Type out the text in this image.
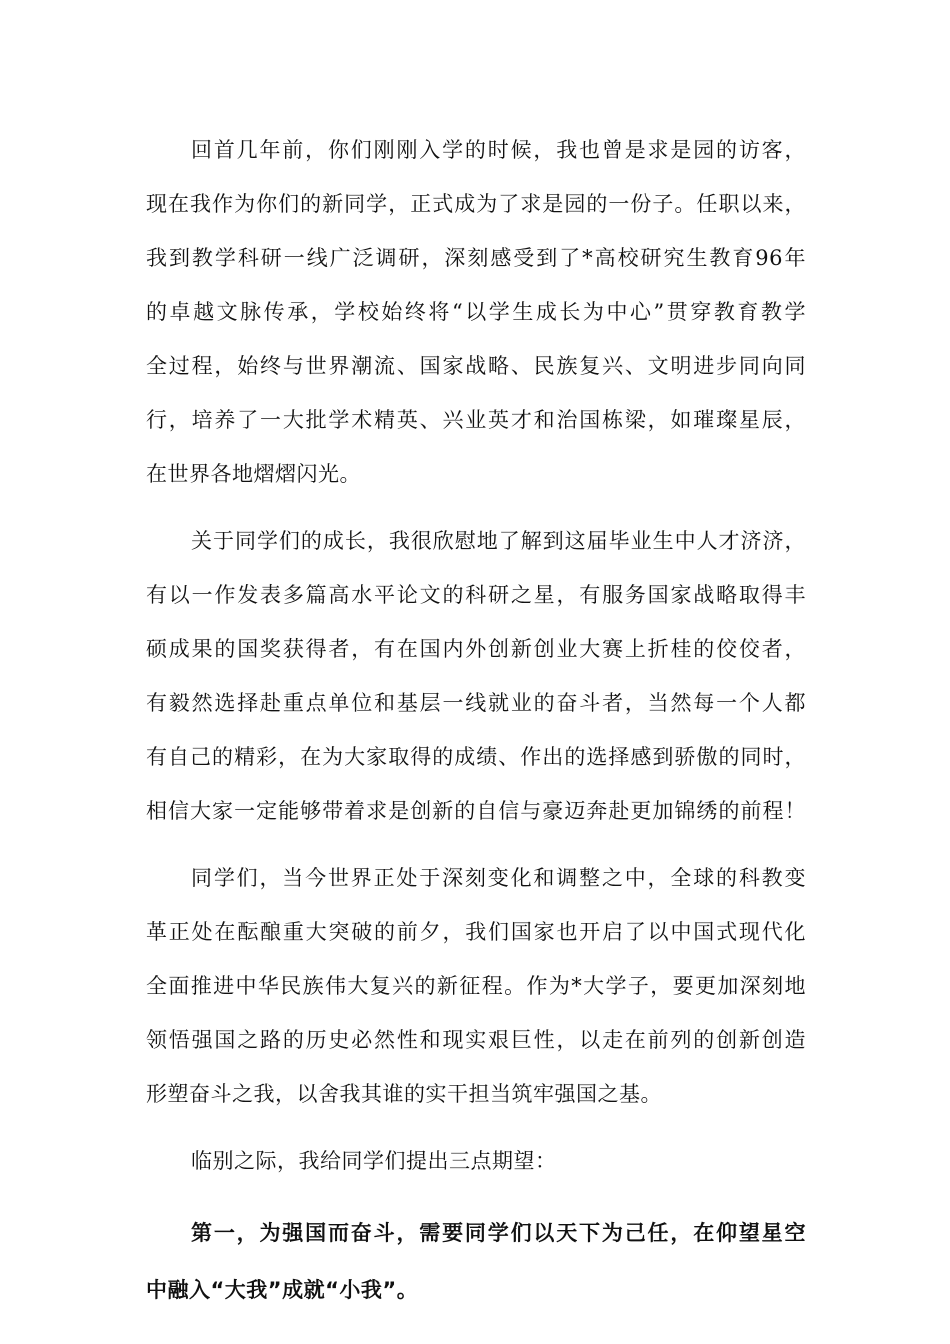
回首几年前，你们刚刚入学的时候，我也曾是求是园的访客，
现在我作为你们的新同学，正式成为了求是园的一份子。任职以来，
我到教学科研一线广泛调研，深刻感受到了*高校研究生教育96年
的卓越文脉传承，学校始终将“以学生成长为中心”贯穿教育教学
全过程，始终与世界潮流、国家战略、民族复兴、文明进步同向同
行，培养了一大批学术精英、兴业英才和治国栋梁，如璀璨星辰，
在世界各地熠熠闪光。
关于同学们的成长，我很欣慰地了解到这届毕业生中人才济济，
有以一作发表多篇高水平论文的科研之星，有服务国家战略取得丰
硕成果的国奖获得者，有在国内外创新创业大赛上折桂的佼佼者，
有毅然选择赴重点单位和基层一线就业的奋斗者，当然每一个人都
有自己的精彩，在为大家取得的成绩、作出的选择感到骄傲的同时，
相信大家一定能够带着求是创新的自信与豪迈奔赴更加锦绣的前程！
同学们，当今世界正处于深刻变化和调整之中，全球的科教变
革正处在酝酿重大突破的前夕，我们国家也开启了以中国式现代化
全面推进中华民族伟大复兴的新征程。作为*大学子，要更加深刻地
领悟强国之路的历史必然性和现实艰巨性，以走在前列的创新创造
形塑奋斗之我，以舍我其谁的实干担当筑牢强国之基。
临别之际，我给同学们提出三点期望：
第一，为强国而奋斗，需要同学们以天下为己任，在仰望星空
中融入“大我”成就“小我”。
